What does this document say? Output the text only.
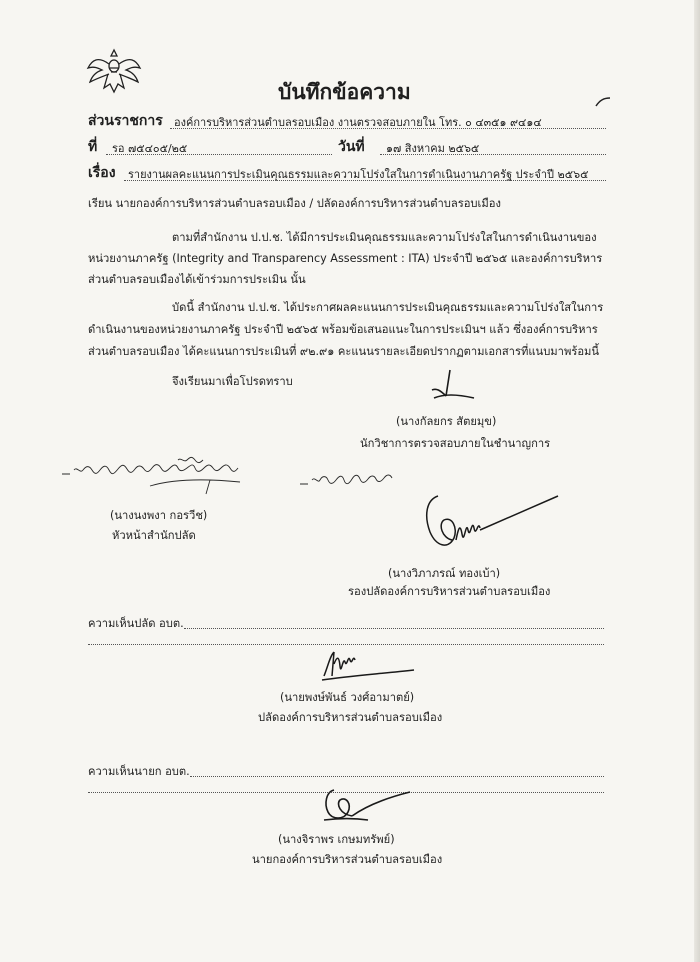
บันทึกข้อความ
ส่วนราชการ องค์การบริหารส่วนตำบลรอบเมือง งานตรวจสอบภายใน โทร. ๐ ๔๓๕๑ ๙๔๑๔
ที่ รอ ๗๕๔๐๕/๒๕	วันที่ ๑๗ สิงหาคม ๒๕๖๕
เรื่อง รายงานผลคะแนนการประเมินคุณธรรมและความโปร่งใสในการดำเนินงานภาครัฐ ประจำปี ๒๕๖๕
เรียน นายกองค์การบริหารส่วนตำบลรอบเมือง / ปลัดองค์การบริหารส่วนตำบลรอบเมือง
ตามที่สำนักงาน ป.ป.ช. ได้มีการประเมินคุณธรรมและความโปร่งใสในการดำเนินงานของ
หน่วยงานภาครัฐ (Integrity and Transparency Assessment : ITA) ประจำปี ๒๕๖๕ และองค์การบริหาร
ส่วนตำบลรอบเมืองได้เข้าร่วมการประเมิน นั้น
บัดนี้ สำนักงาน ป.ป.ช. ได้ประกาศผลคะแนนการประเมินคุณธรรมและความโปร่งใสในการ
ดำเนินงานของหน่วยงานภาครัฐ ประจำปี ๒๕๖๕ พร้อมข้อเสนอแนะในการประเมินฯ แล้ว ซึ่งองค์การบริหาร
ส่วนตำบลรอบเมือง ได้คะแนนการประเมินที่ ๙๒.๙๑ คะแนนรายละเอียดปรากฏตามเอกสารที่แนบมาพร้อมนี้
จึงเรียนมาเพื่อโปรดทราบ
(นางกัลยกร สัตยมุข)
นักวิชาการตรวจสอบภายในชำนาญการ
(นางนงพงา กอรวีช)
หัวหน้าสำนักปลัด
(นางวิภาภรณ์ ทองเบ้า)
รองปลัดองค์การบริหารส่วนตำบลรอบเมือง
ความเห็นปลัด อบต.
(นายพงษ์พันธ์ วงศ์อามาตย์)
ปลัดองค์การบริหารส่วนตำบลรอบเมือง
ความเห็นนายก อบต.
(นางจิราพร เกษมทรัพย์)
นายกองค์การบริหารส่วนตำบลรอบเมือง
